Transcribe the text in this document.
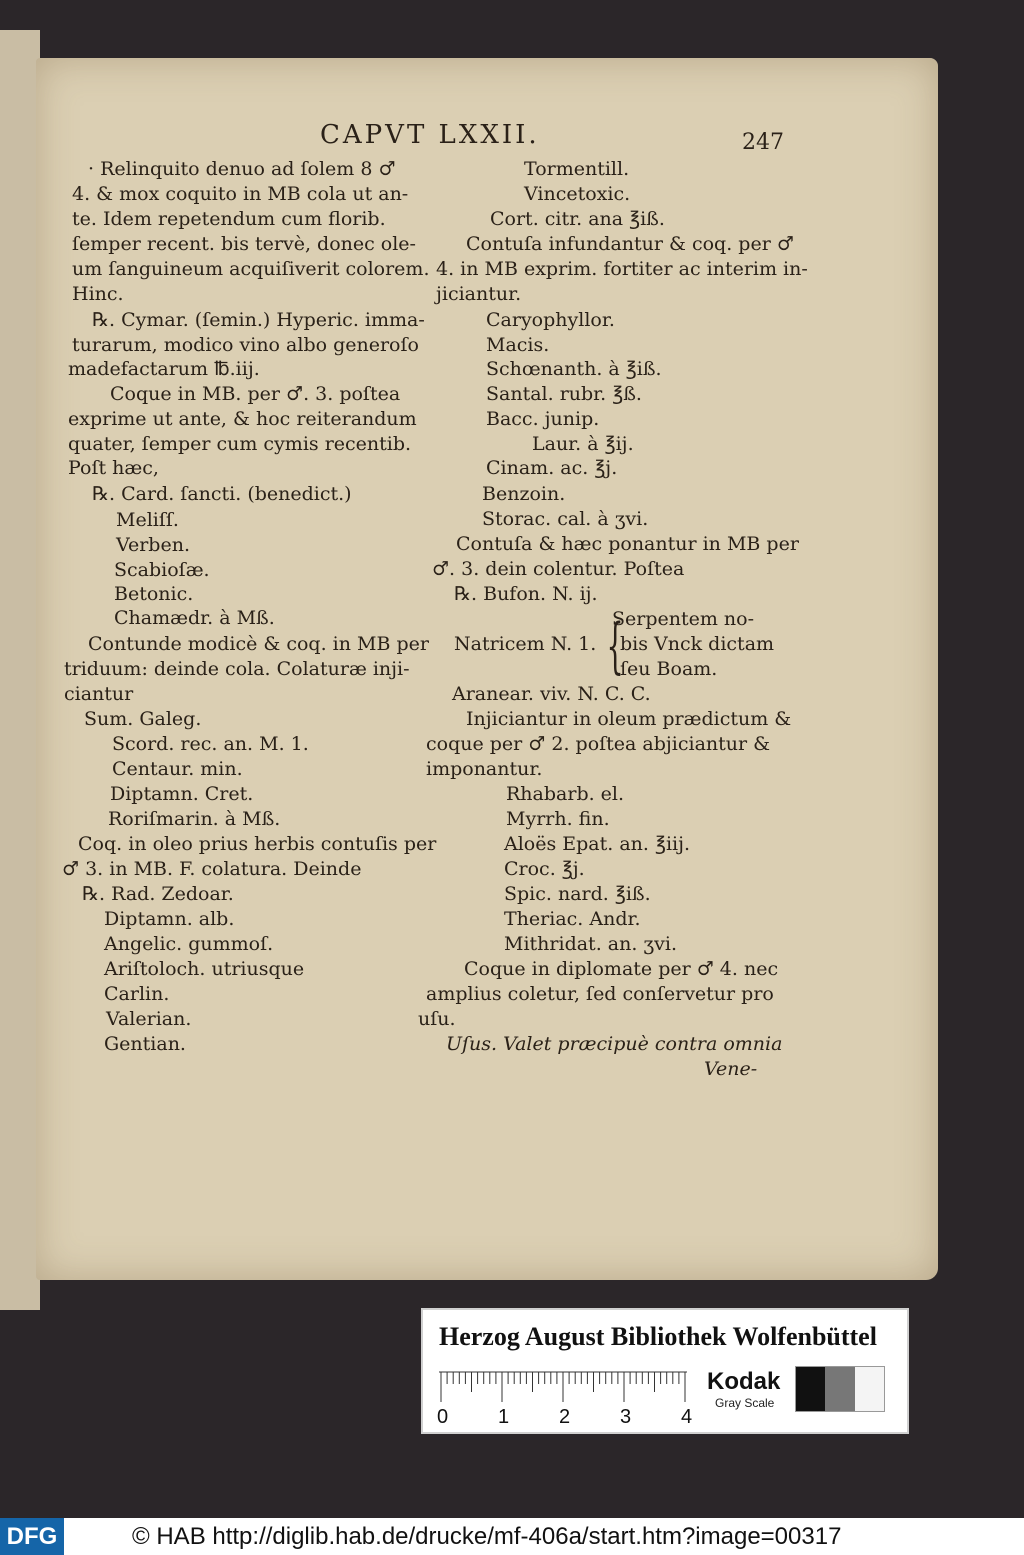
CAPVT LXXII.	247
· Relinquito denuo ad ſolem 8 ♂
4. & mox coquito in MB cola ut an-
te. Idem repetendum cum florib.
ſemper recent. bis tervè, donec ole-
um ſanguineum acquiſiverit colorem.
Hinc.
℞. Cymar. (ſemin.) Hyperic. imma-
turarum, modico vino albo generoſo
madefactarum ℔.iij.
Coque in MB. per ♂. 3. poſtea
exprime ut ante, & hoc reiterandum
quater, ſemper cum cymis recentib.
Poſt hæc,
℞. Card. ſancti. (benedict.)
Meliſſ.
Verben.
Scabioſæ.
Betonic.
Chamædr. à Mß.
Contunde modicè & coq. in MB per
triduum: deinde cola. Colaturæ inji-
ciantur
Sum. Galeg.
Scord. rec. an. M. 1.
Centaur. min.
Diptamn. Cret.
Roriſmarin. à Mß.
Coq. in oleo prius herbis contuſis per
♂ 3. in MB. F. colatura. Deinde
℞. Rad. Zedoar.
Diptamn. alb.
Angelic. gummoſ.
Ariſtoloch. utriusque
Carlin.
Valerian.
Gentian.
Tormentill.
Vincetoxic.
Cort. citr. ana ℥iß.
Contuſa infundantur & coq. per ♂
4. in MB exprim. fortiter ac interim in-
jiciantur.
Caryophyllor.
Macis.
Schœnanth. à ℥iß.
Santal. rubr. ℥ß.
Bacc. junip.
Laur. à ℥ij.
Cinam. ac. ℥j.
Benzoin.
Storac. cal. à ʒvi.
Contuſa & hæc ponantur in MB per
♂. 3. dein colentur. Poſtea
℞. Bufon. N. ij.
Serpentem no-
Natricem N. 1. bis Vnck dictam
ſeu Boam.
Aranear. viv. N. C. C.
Injiciantur in oleum prædictum &
coque per ♂ 2. poſtea abjiciantur &
imponantur.
Rhabarb. el.
Myrrh. fin.
Aloës Epat. an. ℥iij.
Croc. ℥j.
Spic. nard. ℥iß.
Theriac. Andr.
Mithridat. an. ʒvi.
Coque in diplomate per ♂ 4. nec
amplius coletur, ſed conſervetur pro
uſu.
Uſus. Valet præcipuè contra omnia
Vene-
{
Herzog August Bibliothek Wolfenbüttel
0 1 2 3 4
Kodak
Gray Scale
DFG	© HAB http://diglib.hab.de/drucke/mf-406a/start.htm?image=00317
